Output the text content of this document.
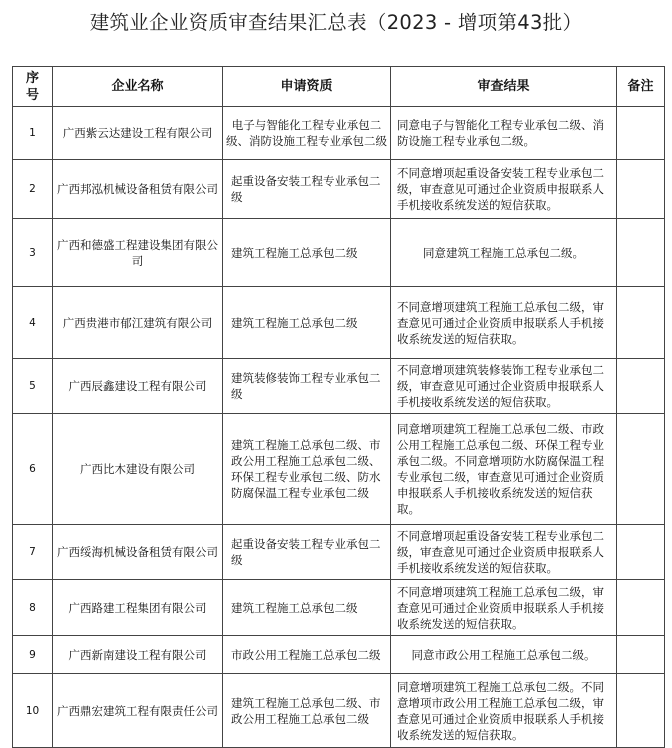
建筑业企业资质审查结果汇总表（2023 - 增项第43批）
序号	企业名称	申请资质	审查结果	备注
1	广西紫云达建设工程有限公司	电子与智能化工程专业承包二级、消防设施工程专业承包二级	同意电子与智能化工程专业承包二级、消防设施工程专业承包二级。	
2	广西邦泓机械设备租赁有限公司	起重设备安装工程专业承包二级	不同意增项起重设备安装工程专业承包二级，审查意见可通过企业资质申报联系人手机接收系统发送的短信获取。	
3	广西和德盛工程建设集团有限公司	建筑工程施工总承包二级	同意建筑工程施工总承包二级。	
4	广西贵港市郁江建筑有限公司	建筑工程施工总承包二级	不同意增项建筑工程施工总承包二级，审查意见可通过企业资质申报联系人手机接收系统发送的短信获取。	
5	广西辰鑫建设工程有限公司	建筑装修装饰工程专业承包二级	不同意增项建筑装修装饰工程专业承包二级，审查意见可通过企业资质申报联系人手机接收系统发送的短信获取。	
6	广西比木建设有限公司	建筑工程施工总承包二级、市政公用工程施工总承包二级、环保工程专业承包二级、防水防腐保温工程专业承包二级	同意增项建筑工程施工总承包二级、市政公用工程施工总承包二级、环保工程专业承包二级。不同意增项防水防腐保温工程专业承包二级，审查意见可通过企业资质申报联系人手机接收系统发送的短信获取。	
7	广西绥海机械设备租赁有限公司	起重设备安装工程专业承包二级	不同意增项起重设备安装工程专业承包二级，审查意见可通过企业资质申报联系人手机接收系统发送的短信获取。	
8	广西路建工程集团有限公司	建筑工程施工总承包二级	不同意增项建筑工程施工总承包二级，审查意见可通过企业资质申报联系人手机接收系统发送的短信获取。	
9	广西新南建设工程有限公司	市政公用工程施工总承包二级	同意市政公用工程施工总承包二级。	
10	广西鼎宏建筑工程有限责任公司	建筑工程施工总承包二级、市政公用工程施工总承包二级	同意增项建筑工程施工总承包二级。不同意增项市政公用工程施工总承包二级，审查意见可通过企业资质申报联系人手机接收系统发送的短信获取。	
